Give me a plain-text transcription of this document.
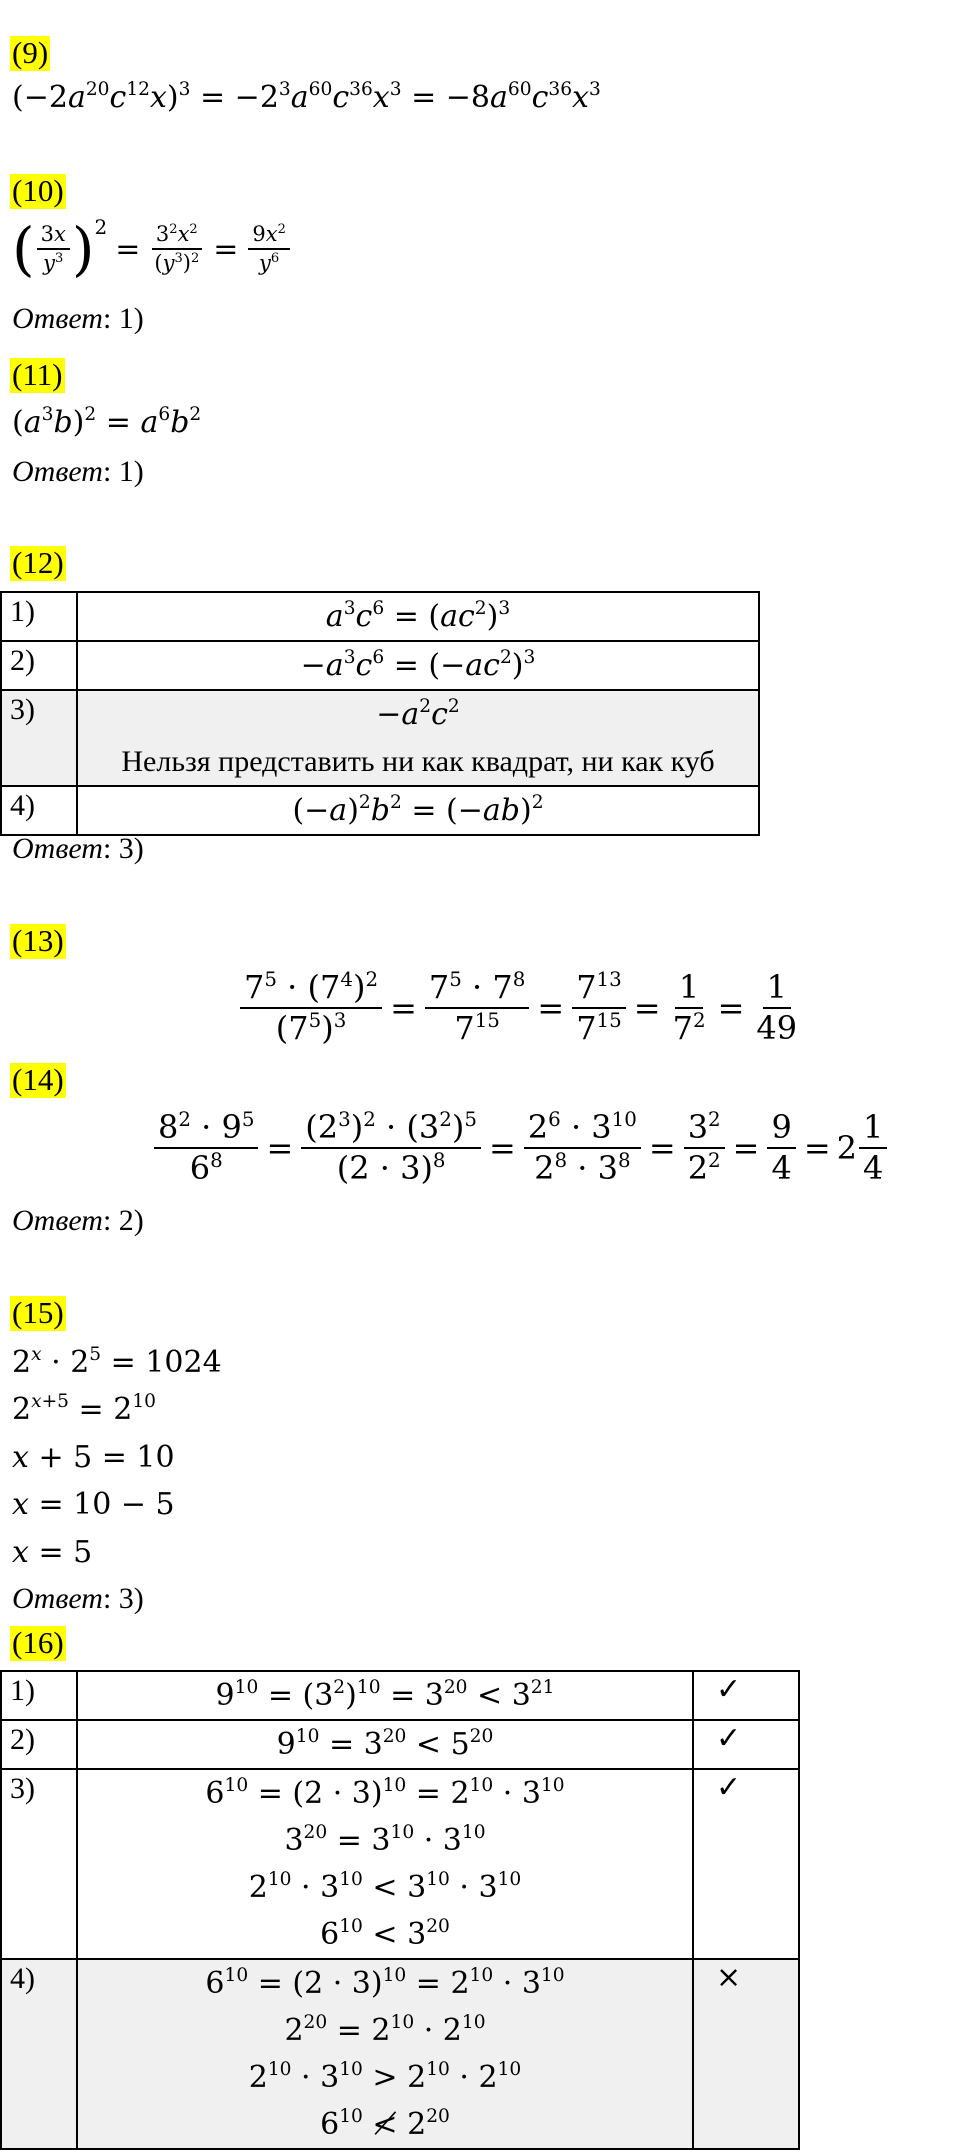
(9)
$(-2a^{20}c^{12}x)^3 = -2^3a^{60}c^{36}x^3 = -8a^{60}c^{36}x^3$
(10)
( $\frac{3x}{y^3} )^2$
= $\frac{3^2x^2}{(y^3)^2} = \frac{9x^2}{y^6}$
Ответ: 1)
(11)
$(a^3b)^2 = a^6b^2$
Ответ: 1)
(12)
1)	$a^3c^6 = (ac^2)^3$

2)	$-a^3c^6 = (-ac^2)^3$

3)	$-a^2c^2$
Нельзя представить ни как квадрат, ни как куб

4)	$(-a)^2b^2 = (-ab)^2$
Ответ: 3)
(13)
$\frac{7^5 \cdot (7^4)^2}{(7^5)^3} = \frac{7^5 \cdot 7^8}{7^{15}} = \frac{7^{13}}{7^{15}} = \frac{1}{7^2} = \frac{1}{49}$
(14)
$\frac{8^2 \cdot 9^5}{6^8} = \frac{(2^3)^2 \cdot (3^2)^5}{(2 \cdot 3)^8} = \frac{2^6 \cdot 3^{10}}{2^8 \cdot 3^8} = \frac{3^2}{2^2} = \frac{9}{4} = 2 \frac{1}{4}$
Ответ: 2)
(15)
$2^x \cdot 2^5 = 1024$
$2^{x+5} = 2^{10}$
x + 5 = 10
x = 10 − 5
x = 5
Ответ: 3)
(16)
1)	$9^{10} = (3^2)^{10} = 3^{20} < 3^{21}$	✓
2)	$9^{10} = 3^{20} < 5^{20}$	✓
3)	$6^{10} = (2 \cdot 3)^{10} = 2^{10} \cdot 3^{10}$
$3^{20} = 3^{10} \cdot 3^{10}$
$2^{10} \cdot 3^{10} < 3^{10} \cdot 3^{10}$
$6^{10} < 3^{20}$	✓
4)	$6^{10} = (2 \cdot 3)^{10} = 2^{10} \cdot 3^{10}$
$2^{20} = 2^{10} \cdot 2^{10}$
$2^{10} \cdot 3^{10} > 2^{10} \cdot 2^{10}$
$6^{10}$ ≮ $2^{20}$	×
